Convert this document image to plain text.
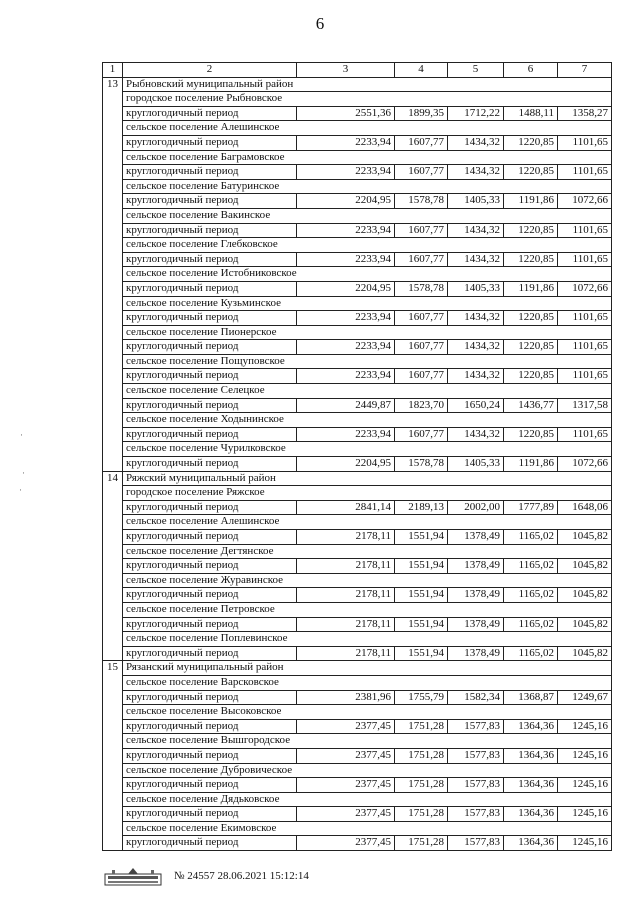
6
1	2	3	4	5	6	7
13	Рыбновский муниципальный район					
	городское поселение Рыбновское					
	круглогодичный период	2551,36	1899,35	1712,22	1488,11	1358,27
	сельское поселение Алешинское					
	круглогодичный период	2233,94	1607,77	1434,32	1220,85	1101,65
	сельское поселение Баграмовское					
	круглогодичный период	2233,94	1607,77	1434,32	1220,85	1101,65
	сельское поселение Батуринское					
	круглогодичный период	2204,95	1578,78	1405,33	1191,86	1072,66
	сельское поселение Вакинское					
	круглогодичный период	2233,94	1607,77	1434,32	1220,85	1101,65
	сельское поселение Глебковское					
	круглогодичный период	2233,94	1607,77	1434,32	1220,85	1101,65
	сельское поселение Истобниковское					
	круглогодичный период	2204,95	1578,78	1405,33	1191,86	1072,66
	сельское поселение Кузьминское					
	круглогодичный период	2233,94	1607,77	1434,32	1220,85	1101,65
	сельское поселение Пионерское					
	круглогодичный период	2233,94	1607,77	1434,32	1220,85	1101,65
	сельское поселение Пощуповское					
	круглогодичный период	2233,94	1607,77	1434,32	1220,85	1101,65
	сельское поселение Селецкое					
	круглогодичный период	2449,87	1823,70	1650,24	1436,77	1317,58
	сельское поселение Ходынинское					
	круглогодичный период	2233,94	1607,77	1434,32	1220,85	1101,65
	сельское поселение Чурилковское					
	круглогодичный период	2204,95	1578,78	1405,33	1191,86	1072,66
14	Ряжский муниципальный район					
	городское поселение Ряжское					
	круглогодичный период	2841,14	2189,13	2002,00	1777,89	1648,06
	сельское поселение Алешинское					
	круглогодичный период	2178,11	1551,94	1378,49	1165,02	1045,82
	сельское поселение Дегтянское					
	круглогодичный период	2178,11	1551,94	1378,49	1165,02	1045,82
	сельское поселение Журавинское					
	круглогодичный период	2178,11	1551,94	1378,49	1165,02	1045,82
	сельское поселение Петровское					
	круглогодичный период	2178,11	1551,94	1378,49	1165,02	1045,82
	сельское поселение Поплевинское					
	круглогодичный период	2178,11	1551,94	1378,49	1165,02	1045,82
15	Рязанский муниципальный район					
	сельское поселение Варсковское					
	круглогодичный период	2381,96	1755,79	1582,34	1368,87	1249,67
	сельское поселение Высоковское					
	круглогодичный период	2377,45	1751,28	1577,83	1364,36	1245,16
	сельское поселение Вышгородское					
	круглогодичный период	2377,45	1751,28	1577,83	1364,36	1245,16
	сельское поселение Дубровическое					
	круглогодичный период	2377,45	1751,28	1577,83	1364,36	1245,16
	сельское поселение Дядьковское					
	круглогодичный период	2377,45	1751,28	1577,83	1364,36	1245,16
	сельское поселение Екимовское					
	круглогодичный период	2377,45	1751,28	1577,83	1364,36	1245,16
№ 24557 28.06.2021 15:12:14
·
·
·
